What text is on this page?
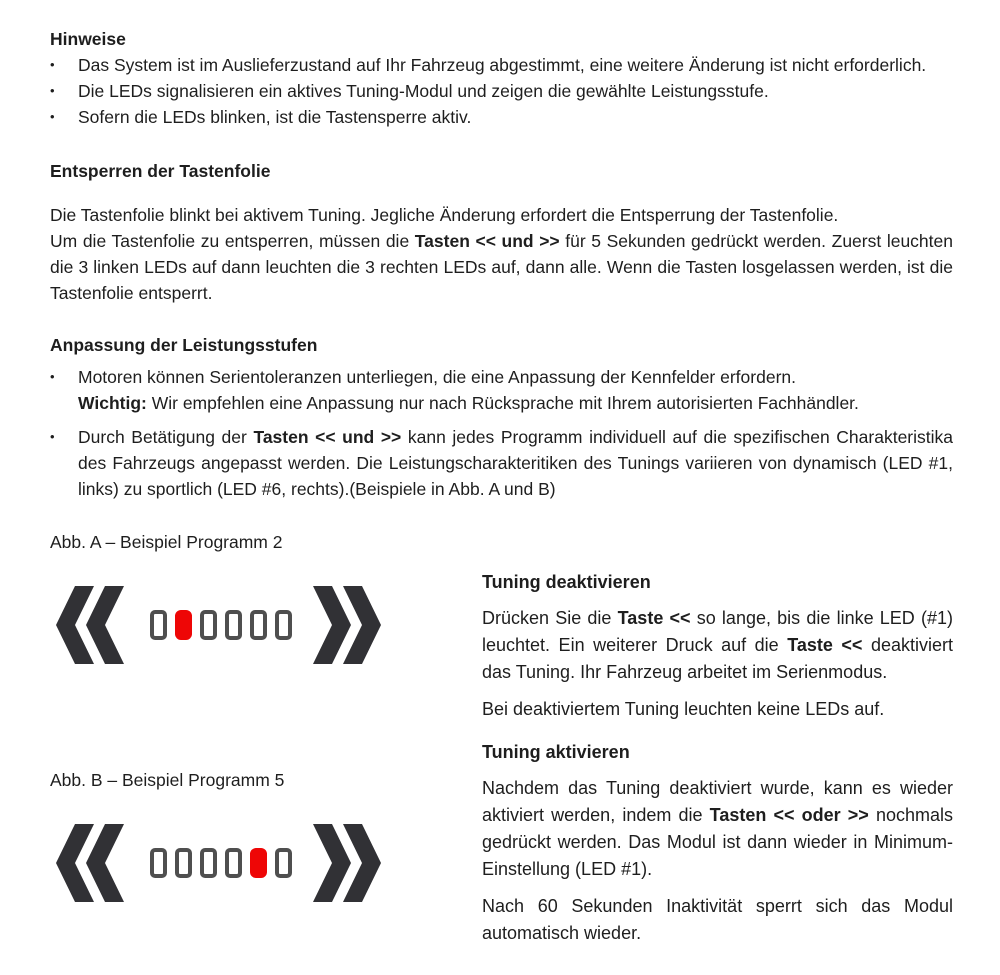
Hinweise
•	Das System ist im Auslieferzustand auf Ihr Fahrzeug abgestimmt, eine weitere Änderung ist nicht erforderlich.
•	Die LEDs signalisieren ein aktives Tuning-Modul und zeigen die gewählte Leistungsstufe.
•	Sofern die LEDs blinken, ist die Tastensperre aktiv.
Entsperren der Tastenfolie
Die Tastenfolie blinkt bei aktivem Tuning. Jegliche Änderung erfordert die Entsperrung der Tastenfolie.
Um die Tastenfolie zu entsperren, müssen die Tasten << und >> für 5 Sekunden gedrückt werden. Zuerst leuchten die 3 linken LEDs auf dann leuchten die 3 rechten LEDs auf, dann alle. Wenn die Tasten losgelassen werden, ist die Tastenfolie entsperrt.
Anpassung der Leistungsstufen
•	Motoren können Serientoleranzen unterliegen, die eine Anpassung der Kennfelder erfordern.
Wichtig: Wir empfehlen eine Anpassung nur nach Rücksprache mit Ihrem autorisierten Fachhändler.
•	Durch Betätigung der Tasten << und >> kann jedes Programm individuell auf die spezifischen Charakteristika des Fahrzeugs angepasst werden. Die Leistungscharakteritiken des Tunings variieren von dynamisch (LED #1, links) zu sportlich (LED #6, rechts).(Beispiele in Abb. A und B)
Abb. A – Beispiel Programm 2
Abb. B – Beispiel Programm 5
Tuning deaktivieren

Drücken Sie die Taste << so lange, bis die linke LED (#1) leuchtet. Ein weiterer Druck auf die Taste << deaktiviert das Tuning. Ihr Fahrzeug arbeitet im Serienmodus.

Bei deaktiviertem Tuning leuchten keine LEDs auf.

Tuning aktivieren

Nachdem das Tuning deaktiviert wurde, kann es wieder aktiviert werden, indem die Tasten << oder >> nochmals gedrückt werden. Das Modul ist dann wieder in Minimum-Einstellung (LED #1).

Nach 60 Sekunden Inaktivität sperrt sich das Modul automatisch wieder.
